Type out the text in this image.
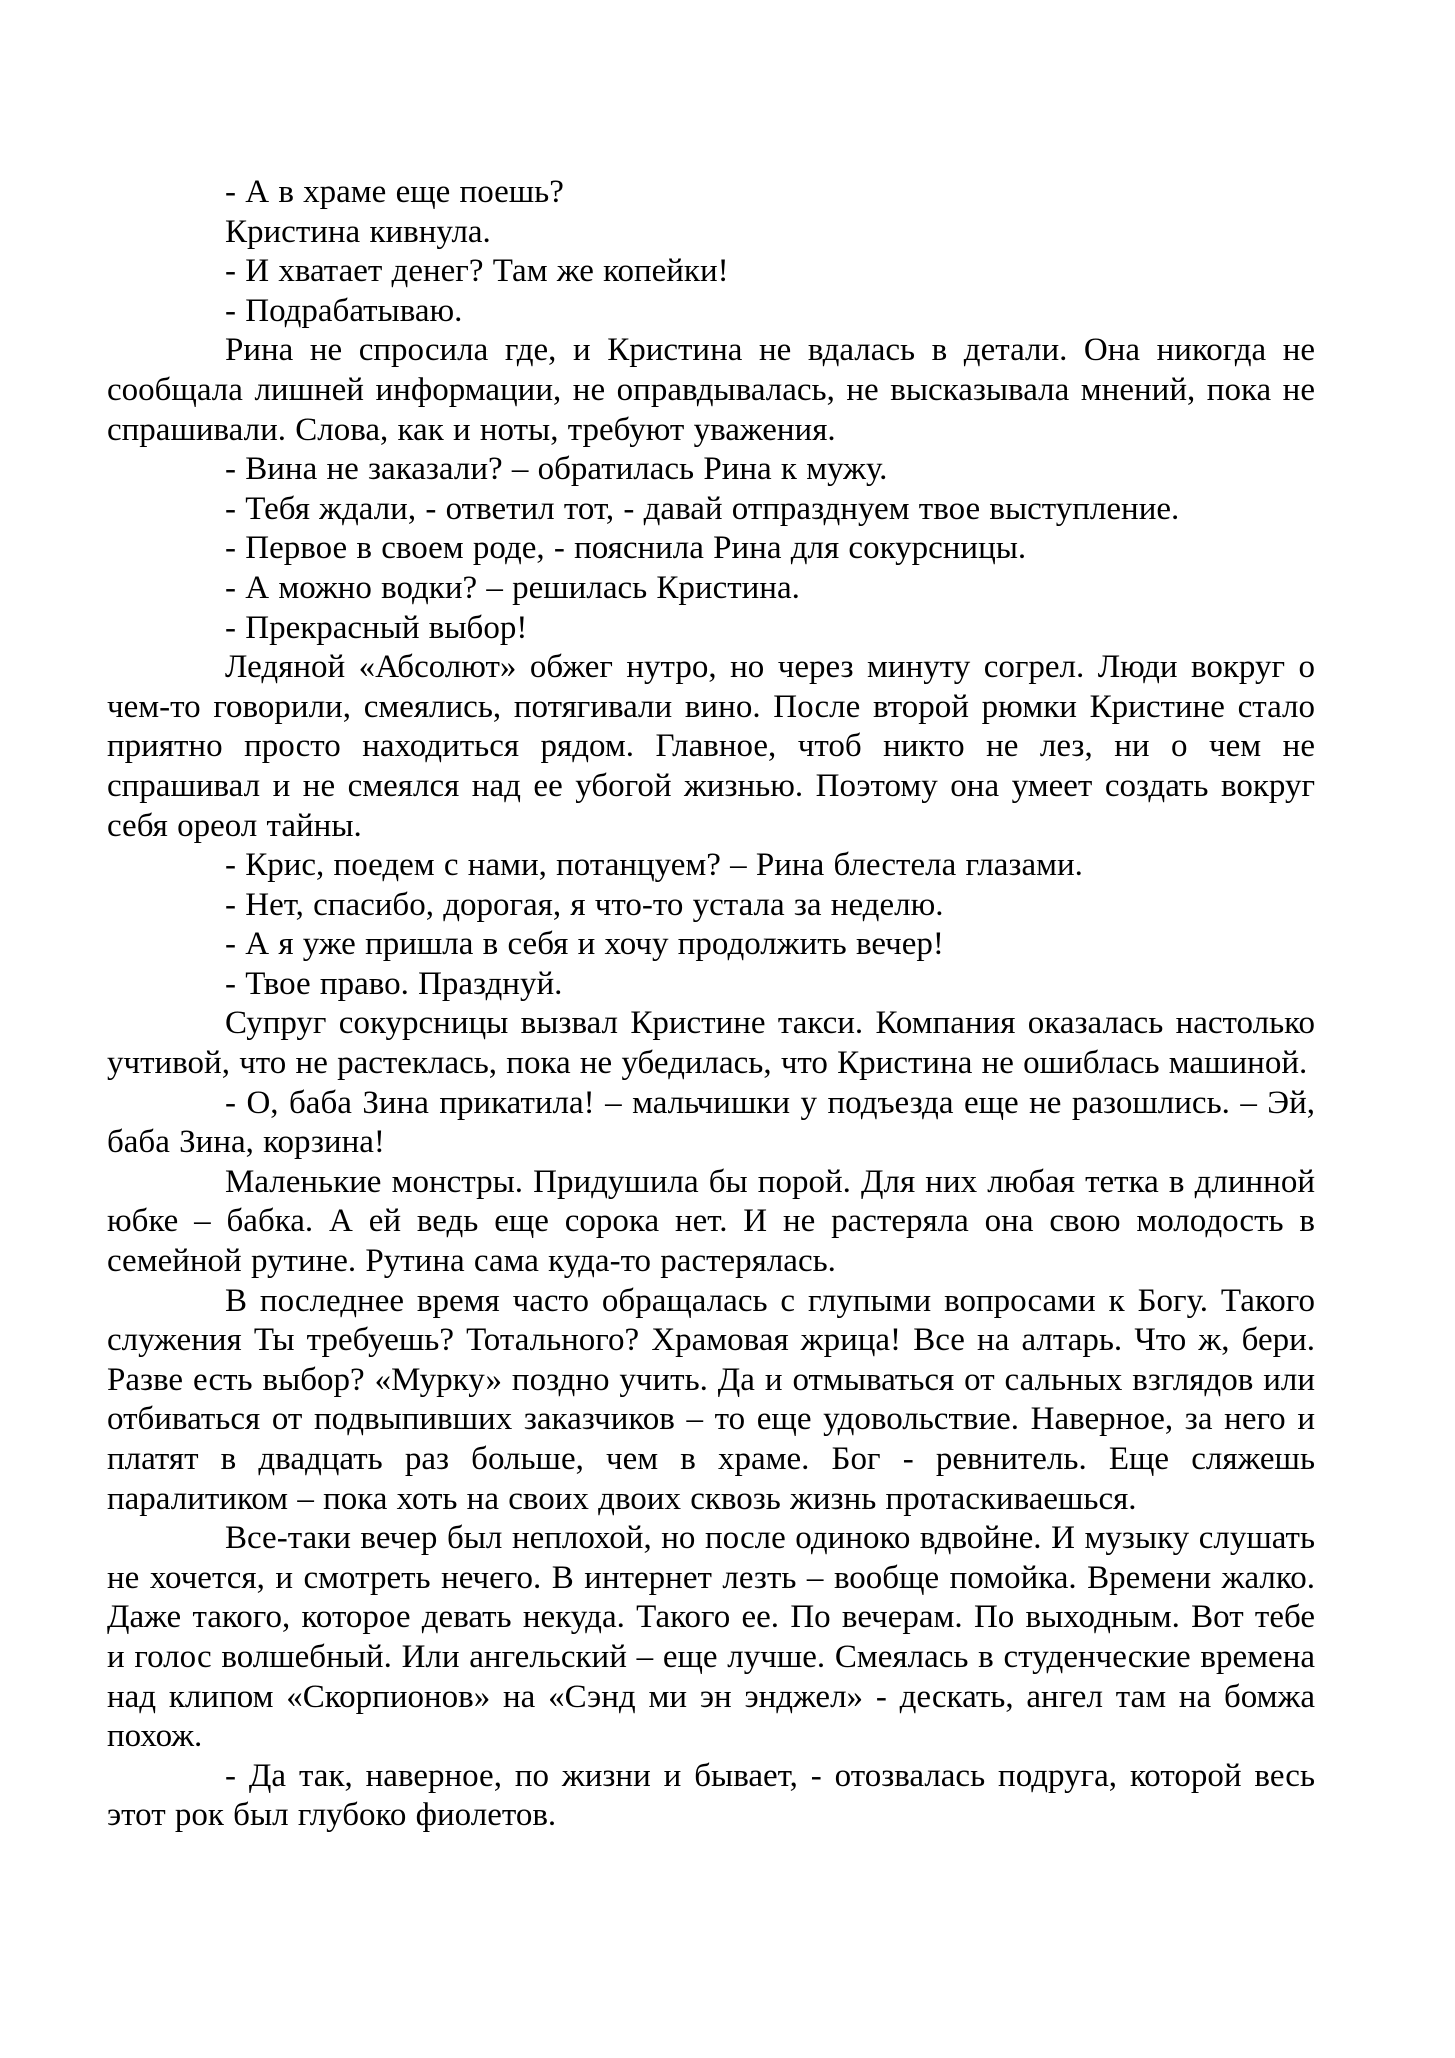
- А в храме еще поешь?

Кристина кивнула.

- И хватает денег? Там же копейки!

- Подрабатываю.

Рина не спросила где, и Кристина не вдалась в детали. Она никогда не сообщала лишней информации, не оправдывалась, не высказывала мнений, пока не спрашивали. Слова, как и ноты, требуют уважения.

- Вина не заказали? – обратилась Рина к мужу.

- Тебя ждали, - ответил тот, - давай отпразднуем твое выступление.

- Первое в своем роде, - пояснила Рина для сокурсницы.

- А можно водки? – решилась Кристина.

- Прекрасный выбор!

Ледяной «Абсолют» обжег нутро, но через минуту согрел. Люди вокруг о чем-то говорили, смеялись, потягивали вино. После второй рюмки Кристине стало приятно просто находиться рядом. Главное, чтоб никто не лез, ни о чем не спрашивал и не смеялся над ее убогой жизнью. Поэтому она умеет создать вокруг себя ореол тайны.

- Крис, поедем с нами, потанцуем? – Рина блестела глазами.

- Нет, спасибо, дорогая, я что-то устала за неделю.

- А я уже пришла в себя и хочу продолжить вечер!

- Твое право. Празднуй.

Супруг сокурсницы вызвал Кристине такси. Компания оказалась настолько учтивой, что не растеклась, пока не убедилась, что Кристина не ошиблась машиной.

- О, баба Зина прикатила! – мальчишки у подъезда еще не разошлись. – Эй, баба Зина, корзина!

Маленькие монстры. Придушила бы порой. Для них любая тетка в длинной юбке – бабка. А ей ведь еще сорока нет. И не растеряла она свою молодость в семейной рутине. Рутина сама куда-то растерялась.

В последнее время часто обращалась с глупыми вопросами к Богу. Такого служения Ты требуешь? Тотального? Храмовая жрица! Все на алтарь. Что ж, бери. Разве есть выбор? «Мурку» поздно учить. Да и отмываться от сальных взглядов или отбиваться от подвыпивших заказчиков – то еще удовольствие. Наверное, за него и платят в двадцать раз больше, чем в храме. Бог - ревнитель. Еще сляжешь паралитиком – пока хоть на своих двоих сквозь жизнь протаскиваешься.

Все-таки вечер был неплохой, но после одиноко вдвойне. И музыку слушать не хочется, и смотреть нечего. В интернет лезть – вообще помойка. Времени жалко. Даже такого, которое девать некуда. Такого ее. По вечерам. По выходным. Вот тебе и голос волшебный. Или ангельский – еще лучше. Смеялась в студенческие времена над клипом «Скорпионов» на «Сэнд ми эн энджел» - дескать, ангел там на бомжа похож.

- Да так, наверное, по жизни и бывает, - отозвалась подруга, которой весь этот рок был глубоко фиолетов.
